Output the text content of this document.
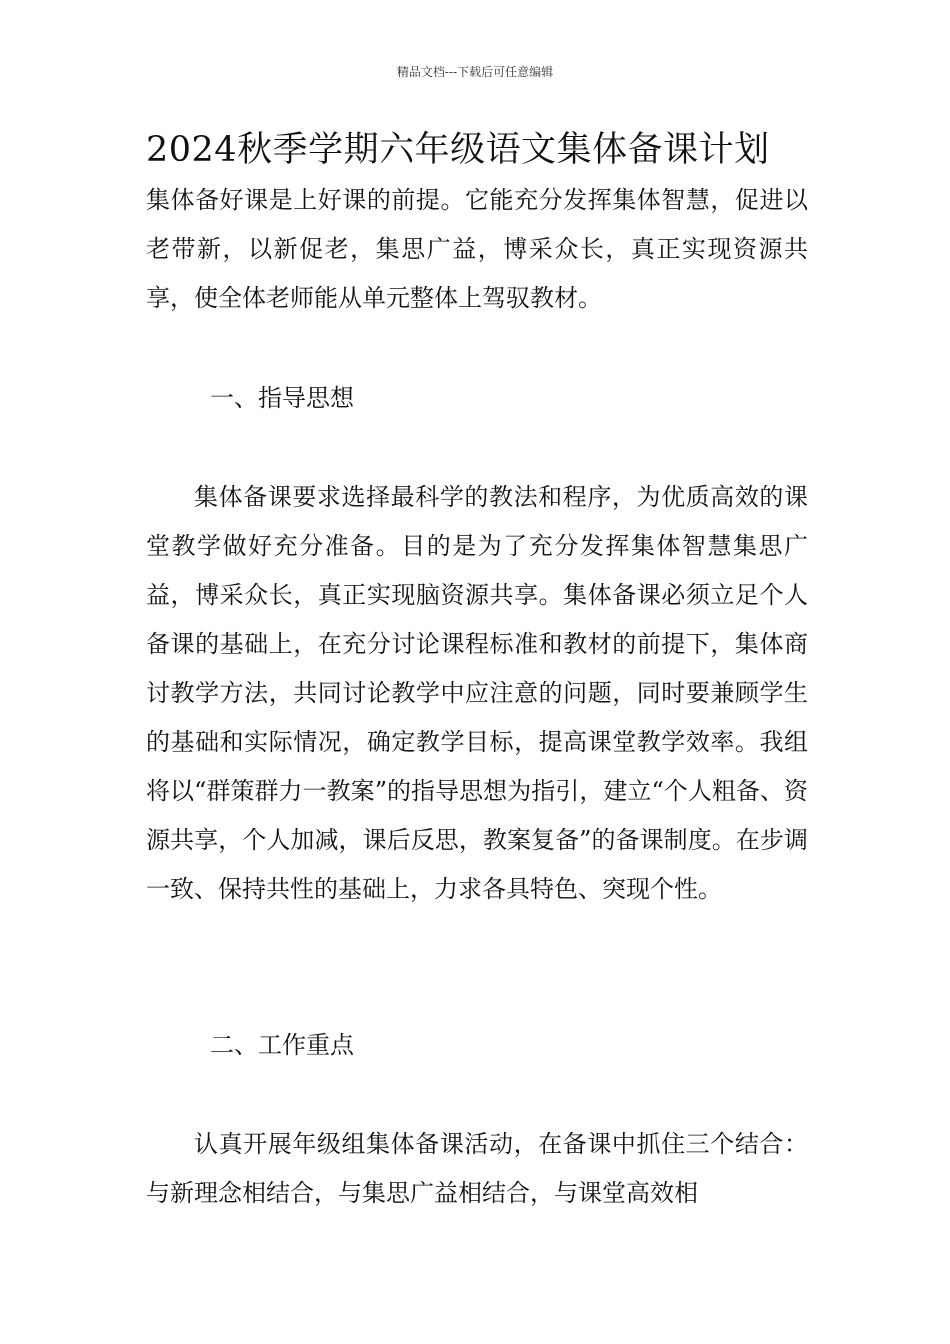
精品文档---下载后可任意编辑
2024秋季学期六年级语文集体备课计划

集体备好课是上好课的前提。它能充分发挥集体智慧，促进以老带新，以新促老，集思广益，博采众长，真正实现资源共享，使全体老师能从单元整体上驾驭教材。

一、指导思想

集体备课要求选择最科学的教法和程序，为优质高效的课堂教学做好充分准备。目的是为了充分发挥集体智慧集思广益，博采众长，真正实现脑资源共享。集体备课必须立足个人备课的基础上，在充分讨论课程标准和教材的前提下，集体商讨教学方法，共同讨论教学中应注意的问题，同时要兼顾学生的基础和实际情况，确定教学目标，提高课堂教学效率。我组将以“群策群力一教案”的指导思想为指引，建立“个人粗备、资源共享，个人加减，课后反思，教案复备”的备课制度。在步调一致、保持共性的基础上，力求各具特色、突现个性。

二、工作重点

认真开展年级组集体备课活动，在备课中抓住三个结合：与新理念相结合，与集思广益相结合，与课堂高效相
